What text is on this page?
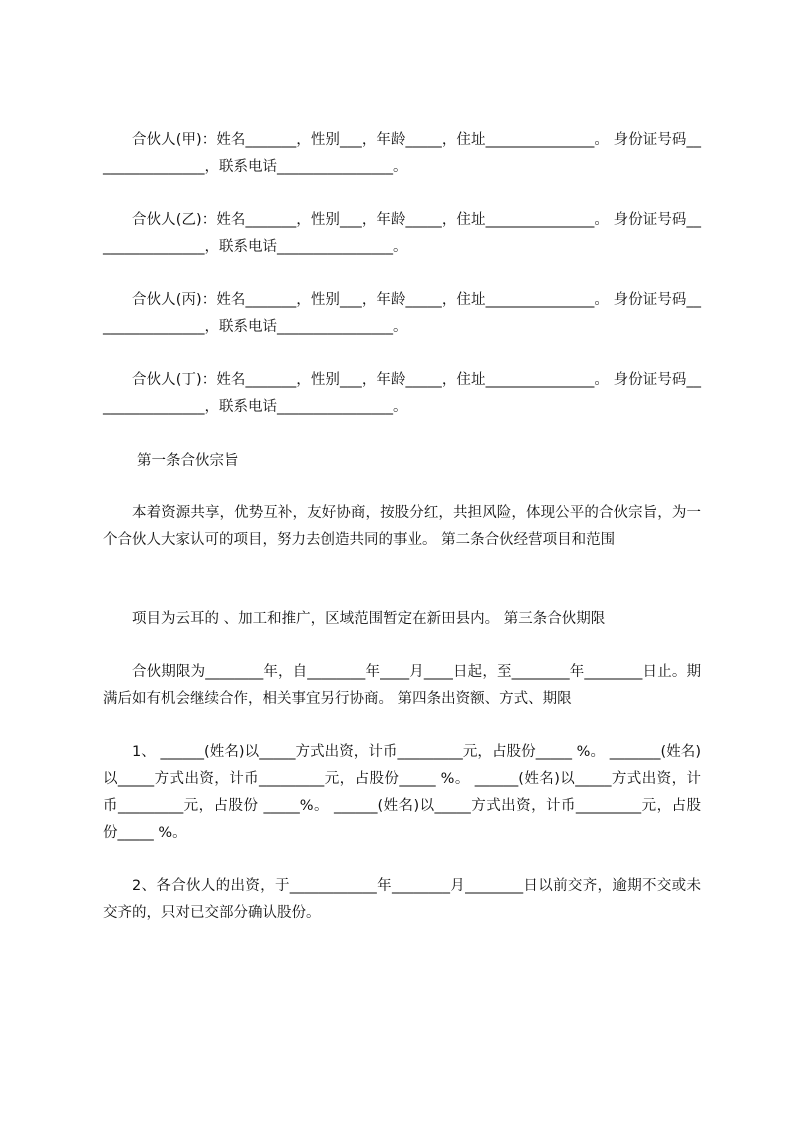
合伙人(甲)：姓名_______，性别___，年龄_____，住址_______________。 身份证号码________________，联系电话________________。

合伙人(乙)：姓名_______，性别___，年龄_____，住址_______________。 身份证号码________________，联系电话________________。

合伙人(丙)：姓名_______，性别___，年龄_____，住址_______________。 身份证号码________________，联系电话________________。

合伙人(丁)：姓名_______，性别___，年龄_____，住址_______________。 身份证号码________________，联系电话________________。

第一条合伙宗旨

本着资源共享，优势互补，友好协商，按股分红，共担风险，体现公平的合伙宗旨，为一个合伙人大家认可的项目，努力去创造共同的事业。 第二条合伙经营项目和范围

项目为云耳的 、加工和推广，区域范围暂定在新田县内。 第三条合伙期限

合伙期限为________年，自________年____月____日起，至________年________日止。期满后如有机会继续合作，相关事宜另行协商。 第四条出资额、方式、期限

1、 ______(姓名)以_____方式出资，计币_________元，占股份_____ %。 _______(姓名)以_____方式出资，计币_________元，占股份_____ %。 ______(姓名)以_____方式出资，计币_________元，占股份 _____%。 ______(姓名)以_____方式出资，计币_________元，占股份_____ %。

2、各合伙人的出资，于____________年________月________日以前交齐，逾期不交或未交齐的，只对已交部分确认股份。
